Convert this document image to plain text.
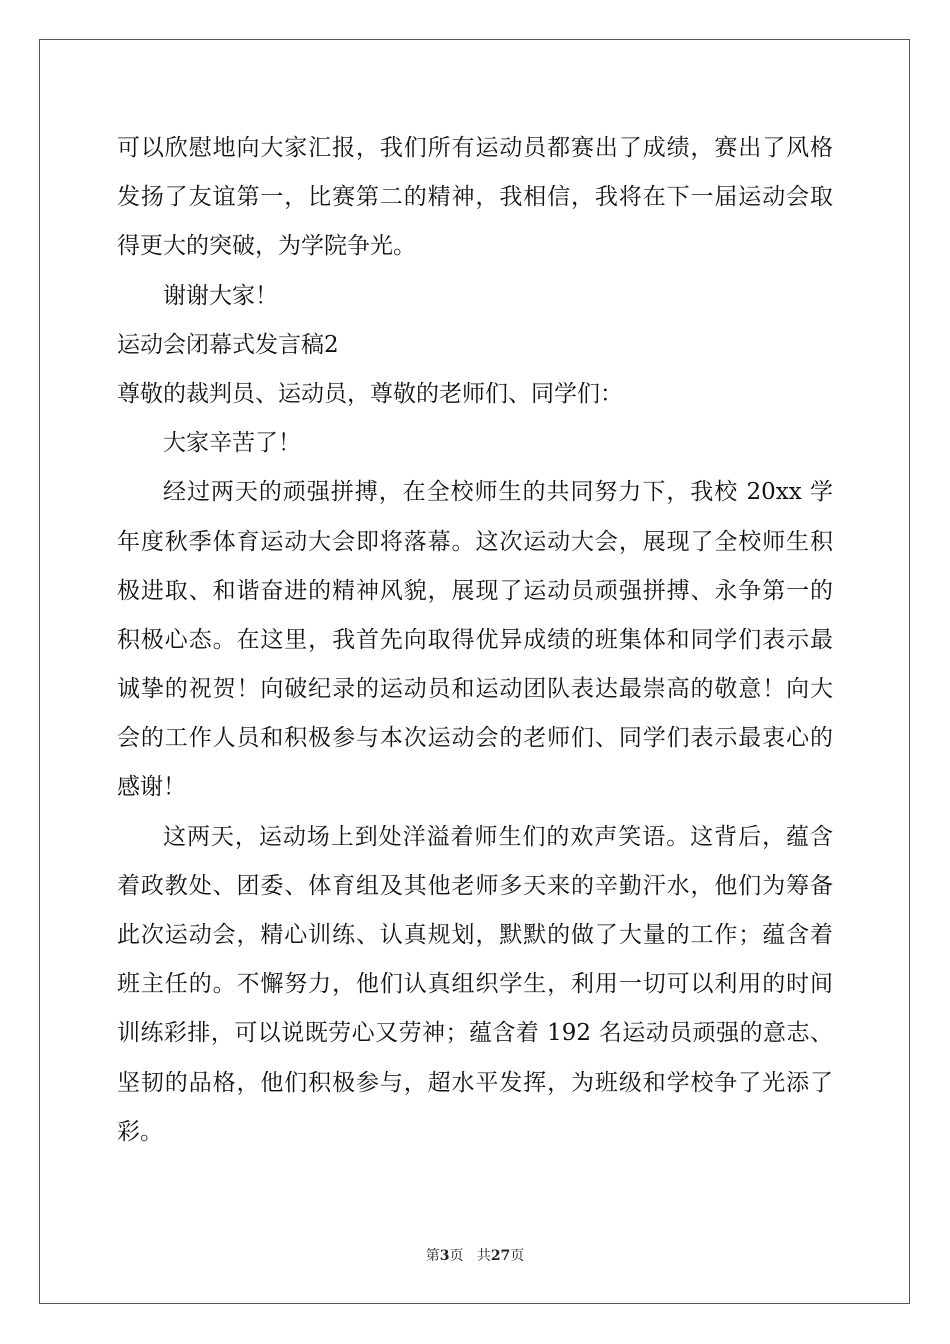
可以欣慰地向大家汇报，我们所有运动员都赛出了成绩，赛出了风格
发扬了友谊第一，比赛第二的精神，我相信，我将在下一届运动会取
得更大的突破，为学院争光。
谢谢大家！
运动会闭幕式发言稿2
尊敬的裁判员、运动员，尊敬的老师们、同学们：
大家辛苦了！
经过两天的顽强拼搏，在全校师生的共同努力下，我校 20xx 学
年度秋季体育运动大会即将落幕。这次运动大会，展现了全校师生积
极进取、和谐奋进的精神风貌，展现了运动员顽强拼搏、永争第一的
积极心态。在这里，我首先向取得优异成绩的班集体和同学们表示最
诚挚的祝贺！向破纪录的运动员和运动团队表达最崇高的敬意！向大
会的工作人员和积极参与本次运动会的老师们、同学们表示最衷心的
感谢！
这两天，运动场上到处洋溢着师生们的欢声笑语。这背后，蕴含
着政教处、团委、体育组及其他老师多天来的辛勤汗水，他们为筹备
此次运动会，精心训练、认真规划，默默的做了大量的工作；蕴含着
班主任的。不懈努力，他们认真组织学生，利用一切可以利用的时间
训练彩排，可以说既劳心又劳神；蕴含着 192 名运动员顽强的意志、
坚韧的品格，他们积极参与，超水平发挥，为班级和学校争了光添了
彩。
第3页 共27页
